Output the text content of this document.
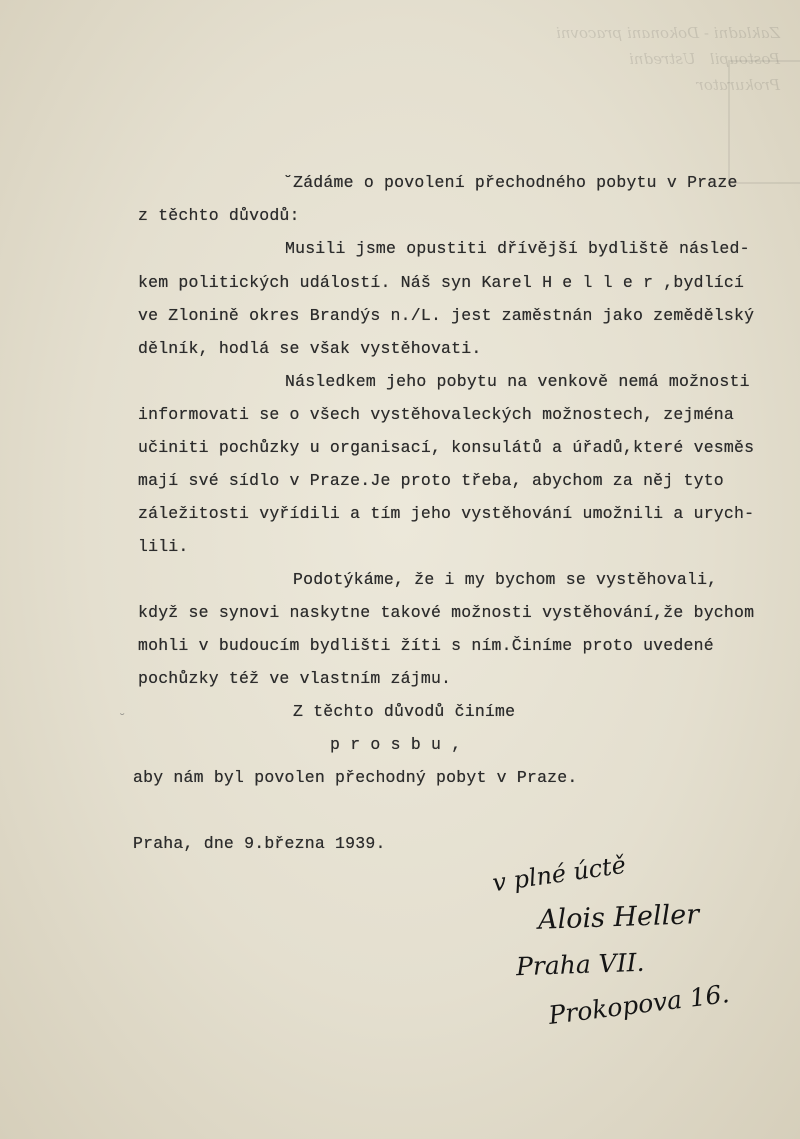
Zakladni - Dokonani pracovni
Postoupil   Ustredni
Prokurator
˘
˘Zádáme o povolení přechodného pobytu v Praze
z těchto důvodů:
Musili jsme opustiti dřívější bydliště násled-
kem politických událostí. Náš syn Karel H e l l e r ,bydlící
ve Zlonině okres Brandýs n./L. jest zaměstnán jako zemědělský
dělník, hodlá se však vystěhovati.
Následkem jeho pobytu na venkově nemá možnosti
informovati se o všech vystěhovaleckých možnostech, zejména
učiniti pochůzky u organisací, konsulátů a úřadů,které vesměs
mají své sídlo v Praze.Je proto třeba, abychom za něj tyto
záležitosti vyřídili a tím jeho vystěhování umožnili a urych-
lili.
Podotýkáme, že i my bychom se vystěhovali,
když se synovi naskytne takové možnosti vystěhování,že bychom
mohli v budoucím bydlišti žíti s ním.Činíme proto uvedené
pochůzky též ve vlastním zájmu.
Z těchto důvodů činíme
p r o s b u ,
aby nám byl povolen přechodný pobyt v Praze.
Praha, dne 9.března 1939.
v plné úctě
Alois Heller
Praha VII.
Prokopova 16.
